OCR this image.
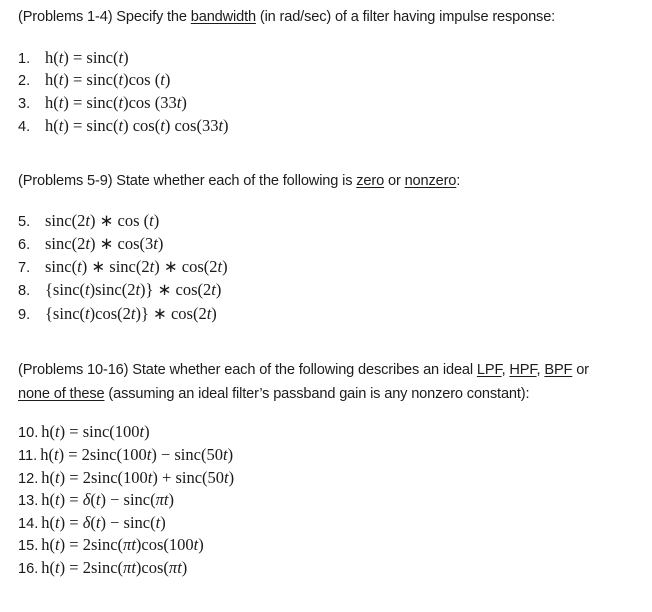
(Problems 1-4) Specify the bandwidth (in rad/sec) of a filter having impulse response:
1. h(t) = sinc(t)
2. h(t) = sinc(t)cos (t)
3. h(t) = sinc(t)cos (33t)
4. h(t) = sinc(t) cos(t) cos(33t)
(Problems 5-9) State whether each of the following is zero or nonzero:
5. sinc(2t) ∗ cos (t)
6. sinc(2t) ∗ cos(3t)
7. sinc(t) ∗ sinc(2t) ∗ cos(2t)
8. {sinc(t)sinc(2t)} ∗ cos(2t)
9. {sinc(t)cos(2t)} ∗ cos(2t)
(Problems 10-16) State whether each of the following describes an ideal LPF, HPF, BPF or
none of these (assuming an ideal filter’s passband gain is any nonzero constant):
10. h(t) = sinc(100t)
11. h(t) = 2sinc(100t) − sinc(50t)
12. h(t) = 2sinc(100t) + sinc(50t)
13. h(t) = δ(t) − sinc(πt)
14. h(t) = δ(t) − sinc(t)
15. h(t) = 2sinc(πt)cos(100t)
16. h(t) = 2sinc(πt)cos(πt)
